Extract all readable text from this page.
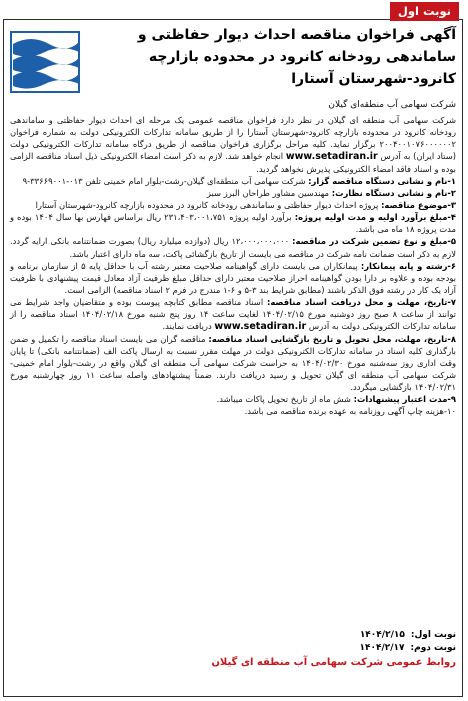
نوبت اول
آگهی فراخوان مناقصه احداث دیوار حفاظتی و
ساماندهی رودخانه کانرود در محدوده بازارچه
کانرود-شهرستان آستارا
شرکت سهامی آب منطقه‌ای گیلان

شرکت سهامی آب منطقه ای گیلان در نظر دارد فراخوان مناقصه عمومی یک مرحله ای احداث دیوار حفاظتی و ساماندهی رودخانه کانرود در محدوده بازارچه کانرود-شهرستان آستارا را از طریق سامانه تدارکات الکترونیکی دولت به شماره فراخوان ۲۰۰۴۰۰۱۰۷۶۰۰۰۰۰۰۲ برگزار نماید. کلیه مراحل برگزاری فراخوان مناقصه از طریق درگاه سامانه تدارکات الکترونیکی دولت (ستاد ایران) به آدرس www.setadiran.ir انجام خواهد شد. لازم به ذکر است امضاء الکترونیکی ذیل اسناد مناقصه الزامی بوده و اسناد فاقد امضاء الکترونیکی پذیرش نخواهد گردید.

۱-نام و نشانی دستگاه مناقصه گزار: شرکت سهامی آب منطقه‌ای گیلان-رشت-بلوار امام خمینی تلفن ۰۱۳-۳۳۶۶۹۰۰۱-۹

۲-نام و نشانی دستگاه نظارت: مهندسین مشاور طراحان البرز سبز

۳-موضوع مناقصه: پروژه احداث دیوار حفاظتی و ساماندهی رودخانه کانرود در محدوده بازارچه کانرود-شهرستان آستارا

۴-مبلغ برآورد اولیه و مدت اولیه پروژه: برآورد اولیه پروژه ۲۳۱،۴۰۳،۰۰۱،۷۵۱ ریال براساس فهارس بها سال ۱۴۰۴ بوده و مدت پروژه ۱۸ ماه می باشد.

۵-مبلغ و نوع تضمین شرکت در مناقصه: ۱۲،۰۰۰،۰۰۰،۰۰۰ ریال (دوازده میلیارد ریال) بصورت ضمانتنامه بانکی ارایه گردد. لازم به ذکر است ضمانت نامه شرکت در مناقصه می بایست از تاریخ بازگشائی پاکت، سه ماه دارای اعتبار باشد.

۶-رشته و پایه پیمانکار: پیمانکاران می بایست دارای گواهینامه صلاحیت معتبر رشته آب با حداقل پایه ۵ از سازمان برنامه و بودجه بوده و علاوه بر دارا بودن گواهینامه احراز صلاحیت معتبر دارای حداقل مبلغ ظرفیت آزاد معادل قیمت پیشنهادی با ظرفیت آزاد یک کار در رشته فوق الذکر باشند (مطابق شرایط بند ۳-۵ و ۶-۱ مندرج در فرم ۲ اسناد مناقصه) الزامی است.

۷-تاریخ، مهلت و محل دریافت اسناد مناقصه: اسناد مناقصه مطابق کتابچه پیوست بوده و متقاضیان واجد شرایط می توانند از ساعت ۸ صبح روز دوشنبه مورخ ۱۴۰۴/۰۲/۱۵ لغایت ساعت ۱۴ روز پنج شنبه مورخ ۱۴۰۴/۰۲/۱۸ اسناد مناقصه را از سامانه تدارکات الکترونیکی دولت به آدرس www.setadiran.ir دریافت نمایند.

۸-تاریخ، مهلت، محل تحویل و تاریخ بازگشایی اسناد مناقصه: مناقصه گران می بایست اسناد مناقصه را تکمیل و ضمن بارگذاری کلیه اسناد در سامانه تدارکات الکترونیکی دولت در مهلت مقرر نسبت به ارسال پاکت الف (ضمانتنامه بانکی) تا پایان وقت اداری روز سه‌شنبه مورخ ۱۴۰۴/۰۲/۳۰ به حراست شرکت سهامی آب منطقه ای گیلان واقع در رشت-بلوار امام خمینی-شرکت سهامی آب منطقه ای گیلان تحویل و رسید دریافت دارند. ضمناً پیشنهادهای واصله ساعت ۱۱ روز چهارشنبه مورخ ۱۴۰۴/۰۲/۳۱ بازگشایی میگردد.

۹-مدت اعتبار پیشنهادات: شش ماه از تاریخ تحویل پاکات میباشد.

۱۰-هزینه چاپ آگهی روزنامه به عهده برنده مناقصه می باشد.

نوبت اول:
۱۴۰۴/۲/۱۵
نوبت دوم:
۱۴۰۴/۲/۱۷
روابط عمومی شرکت سهامی آب منطقه ای گیلان
